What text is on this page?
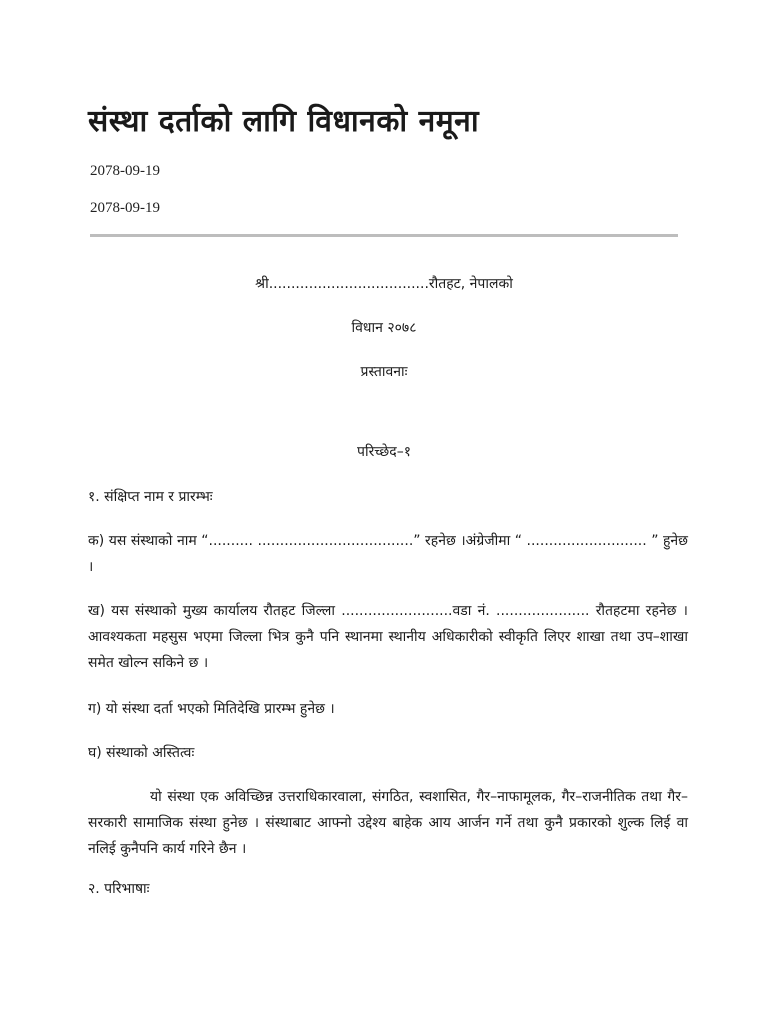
संस्था दर्ताको लागि विधानको नमूना
2078-09-19
2078-09-19
श्री....................................रौतहट, नेपालको
विधान २०७८
प्रस्तावनाः
परिच्छेद–१
१. संक्षिप्त नाम र प्रारम्भः
क) यस संस्थाको नाम “.......... ...................................” रहनेछ ।अंग्रेजीमा “ ........................... ” हुनेछ ।
ख) यस संस्थाको मुख्य कार्यालय रौतहट जिल्ला .........................वडा नं. ..................... रौतहटमा रहनेछ । आवश्यकता महसुस भएमा जिल्ला भित्र कुनै पनि स्थानमा स्थानीय अधिकारीको स्वीकृति लिएर शाखा तथा उप–शाखा समेत खोल्न सकिने छ ।
ग) यो संस्था दर्ता भएको मितिदेखि प्रारम्भ हुनेछ ।
घ) संस्थाको अस्तित्वः
यो संस्था एक अविच्छिन्न उत्तराधिकारवाला, संगठित, स्वशासित, गैर–नाफामूलक, गैर–राजनीतिक तथा गैर–सरकारी सामाजिक संस्था हुनेछ । संस्थाबाट आफ्नो उद्देश्य बाहेक आय आर्जन गर्ने तथा कुनै प्रकारको शुल्क लिई वा नलिई कुनैपनि कार्य गरिने छैन ।
२. परिभाषाः
